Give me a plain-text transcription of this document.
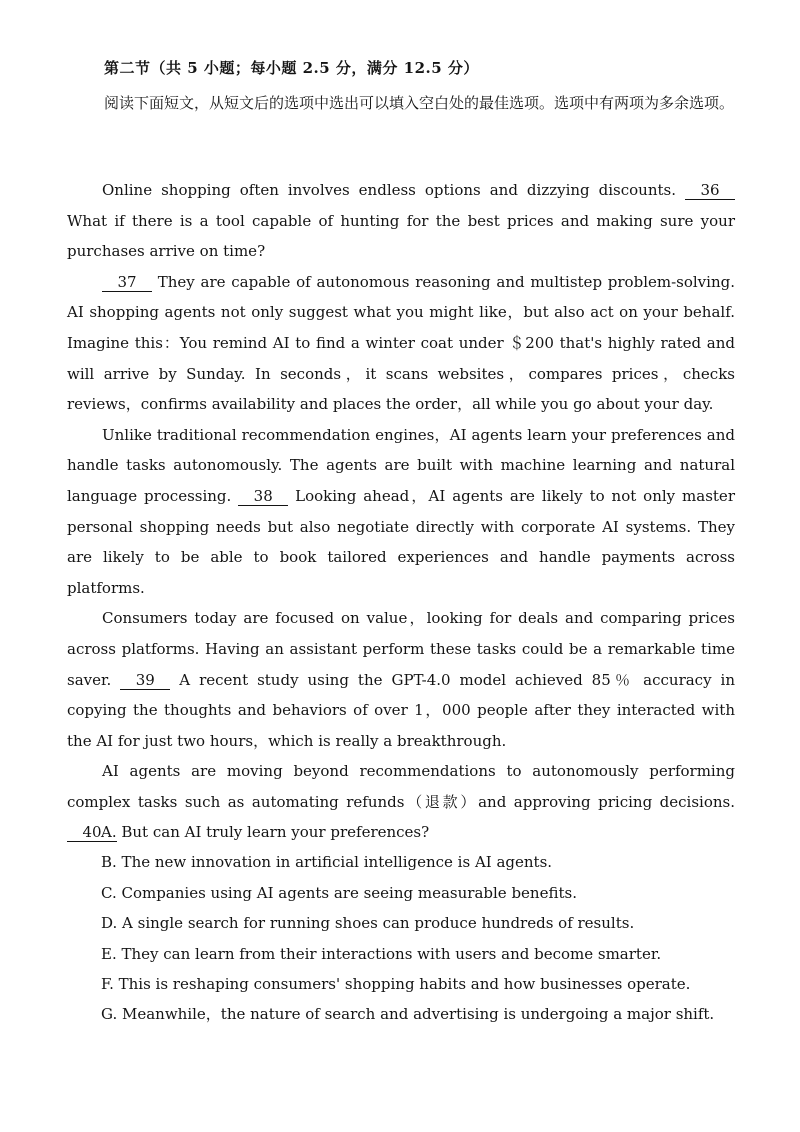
第二节（共 5 小题；每小题 2.5 分，满分 12.5 分）
阅读下面短文，从短文后的选项中选出可以填入空白处的最佳选项。选项中有两项为多余选项。

Online shopping often involves endless options and dizzying discounts. 36 What if there is a tool capable of hunting for the best prices and making sure your purchases arrive on time?

37 They are capable of autonomous reasoning and multistep problem-solving. AI shopping agents not only suggest what you might like，but also act on your behalf. Imagine this：You remind AI to find a winter coat under ＄200 that's highly rated and will arrive by Sunday. In seconds，it scans websites，compares prices，checks reviews，confirms availability and places the order，all while you go about your day.

Unlike traditional recommendation engines，AI agents learn your preferences and handle tasks autonomously. The agents are built with machine learning and natural language processing. 38 Looking ahead，AI agents are likely to not only master personal shopping needs but also negotiate directly with corporate AI systems. They are likely to be able to book tailored experiences and handle payments across platforms.

Consumers today are focused on value，looking for deals and comparing prices across platforms. Having an assistant perform these tasks could be a remarkable time saver. 39 A recent study using the GPT-4.0 model achieved 85％ accuracy in copying the thoughts and behaviors of over 1，000 people after they interacted with the AI for just two hours，which is really a breakthrough.

AI agents are moving beyond recommendations to autonomously performing complex tasks such as automating refunds（退款）and approving pricing decisions. 40 A. But can AI truly learn your preferences?
B. The new innovation in artificial intelligence is AI agents.
C. Companies using AI agents are seeing measurable benefits.
D. A single search for running shoes can produce hundreds of results.
E. They can learn from their interactions with users and become smarter.
F. This is reshaping consumers' shopping habits and how businesses operate.
G. Meanwhile，the nature of search and advertising is undergoing a major shift.
